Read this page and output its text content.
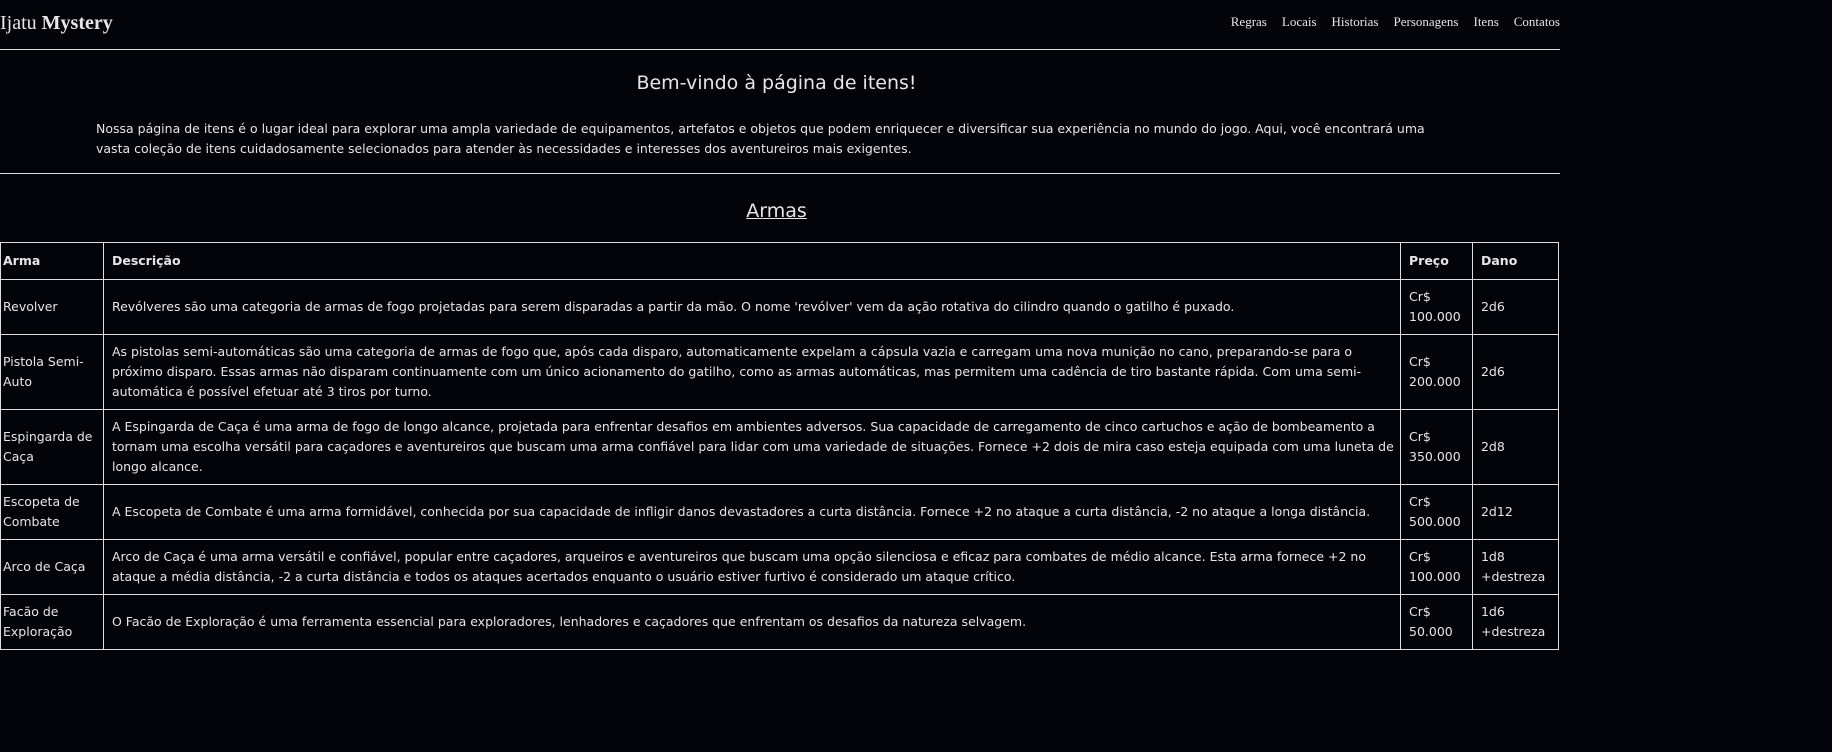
Ijatu Mystery	Regras Locais Historias Personagens Itens Contatos
Bem-vindo à página de itens!
Nossa página de itens é o lugar ideal para explorar uma ampla variedade de equipamentos, artefatos e objetos que podem enriquecer e diversificar sua experiência no mundo do jogo. Aqui, você encontrará uma vasta coleção de itens cuidadosamente selecionados para atender às necessidades e interesses dos aventureiros mais exigentes.
Armas
Arma	Descrição	Preço	Dano
Revolver	Revólveres são uma categoria de armas de fogo projetadas para serem disparadas a partir da mão. O nome 'revólver' vem da ação rotativa do cilindro quando o gatilho é puxado.	Cr$ 100.000	2d6
Pistola Semi-Auto	As pistolas semi-automáticas são uma categoria de armas de fogo que, após cada disparo, automaticamente expelam a cápsula vazia e carregam uma nova munição no cano, preparando-se para o próximo disparo. Essas armas não disparam continuamente com um único acionamento do gatilho, como as armas automáticas, mas permitem uma cadência de tiro bastante rápida. Com uma semi-automática é possível efetuar até 3 tiros por turno.	Cr$ 200.000	2d6
Espingarda de Caça	A Espingarda de Caça é uma arma de fogo de longo alcance, projetada para enfrentar desafios em ambientes adversos. Sua capacidade de carregamento de cinco cartuchos e ação de bombeamento a tornam uma escolha versátil para caçadores e aventureiros que buscam uma arma confiável para lidar com uma variedade de situações. Fornece +2 dois de mira caso esteja equipada com uma luneta de longo alcance.	Cr$ 350.000	2d8
Escopeta de Combate	A Escopeta de Combate é uma arma formidável, conhecida por sua capacidade de infligir danos devastadores a curta distância. Fornece +2 no ataque a curta distância, -2 no ataque a longa distância.	Cr$ 500.000	2d12
Arco de Caça	Arco de Caça é uma arma versátil e confiável, popular entre caçadores, arqueiros e aventureiros que buscam uma opção silenciosa e eficaz para combates de médio alcance. Esta arma fornece +2 no ataque a média distância, -2 a curta distância e todos os ataques acertados enquanto o usuário estiver furtivo é considerado um ataque crítico.	Cr$ 100.000	1d8 +destreza
Facão de Exploração	O Facão de Exploração é uma ferramenta essencial para exploradores, lenhadores e caçadores que enfrentam os desafios da natureza selvagem.	Cr$ 50.000	1d6 +destreza
